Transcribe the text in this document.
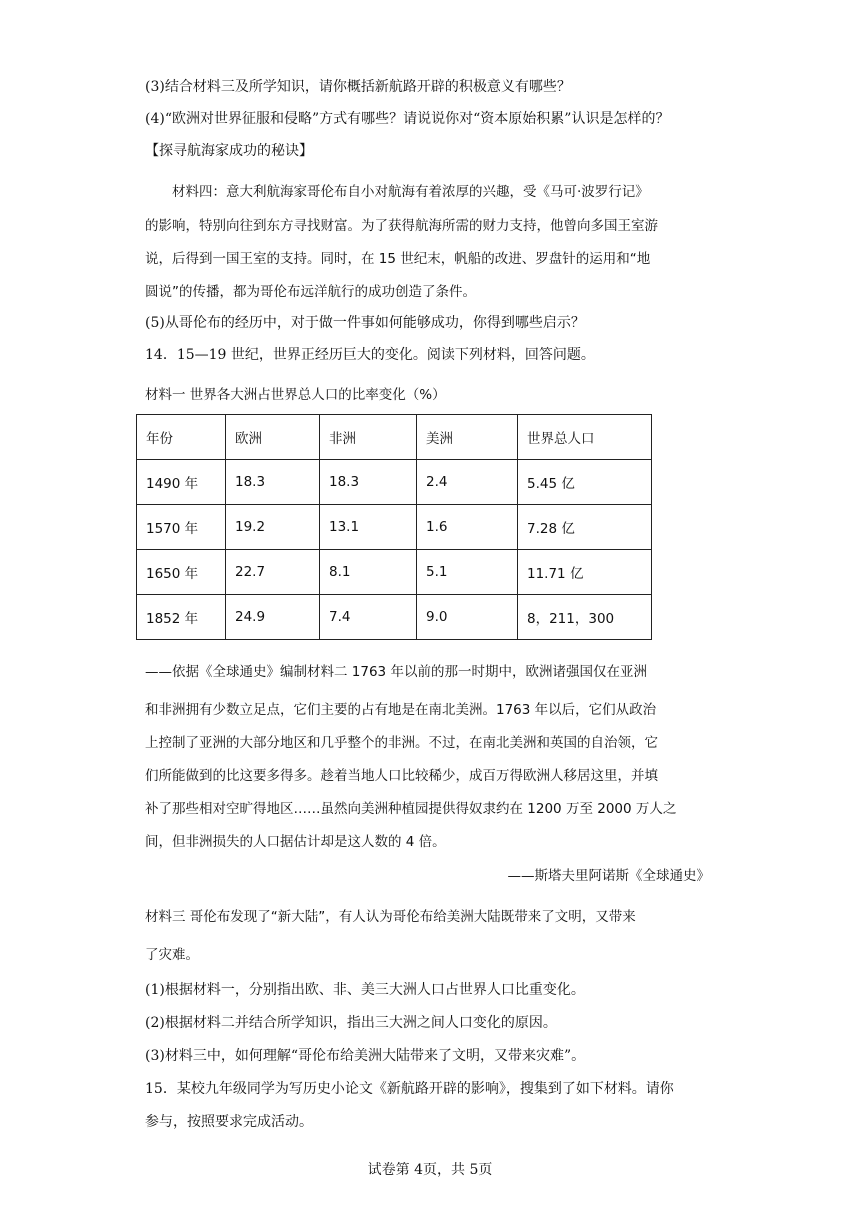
(3)结合材料三及所学知识，请你概括新航路开辟的积极意义有哪些？
(4)“欧洲对世界征服和侵略”方式有哪些？请说说你对“资本原始积累”认识是怎样的？
【探寻航海家成功的秘诀】
材料四：意大利航海家哥伦布自小对航海有着浓厚的兴趣，受《马可·波罗行记》
的影响，特别向往到东方寻找财富。为了获得航海所需的财力支持，他曾向多国王室游
说，后得到一国王室的支持。同时，在 15 世纪末，帆船的改进、罗盘针的运用和“地
圆说”的传播，都为哥伦布远洋航行的成功创造了条件。
(5)从哥伦布的经历中，对于做一件事如何能够成功，你得到哪些启示？
14．15—19 世纪，世界正经历巨大的变化。阅读下列材料，回答问题。
材料一 世界各大洲占世界总人口的比率变化（%）
年份	欧洲	非洲	美洲	世界总人口
1490 年	18.3	18.3	2.4	5.45 亿
1570 年	19.2	13.1	1.6	7.28 亿
1650 年	22.7	8.1	5.1	11.71 亿
1852 年	24.9	7.4	9.0	8，211，300
——依据《全球通史》编制材料二 1763 年以前的那一时期中，欧洲诸强国仅在亚洲
和非洲拥有少数立足点，它们主要的占有地是在南北美洲。1763 年以后，它们从政治
上控制了亚洲的大部分地区和几乎整个的非洲。不过，在南北美洲和英国的自治领，它
们所能做到的比这要多得多。趁着当地人口比较稀少，成百万得欧洲人移居这里，并填
补了那些相对空旷得地区……虽然向美洲种植园提供得奴隶约在 1200 万至 2000 万人之
间，但非洲损失的人口据估计却是这人数的 4 倍。
——斯塔夫里阿诺斯《全球通史》
材料三 哥伦布发现了“新大陆”，有人认为哥伦布给美洲大陆既带来了文明，又带来
了灾难。
(1)根据材料一，分别指出欧、非、美三大洲人口占世界人口比重变化。
(2)根据材料二并结合所学知识，指出三大洲之间人口变化的原因。
(3)材料三中，如何理解“哥伦布给美洲大陆带来了文明，又带来灾难”。
15．某校九年级同学为写历史小论文《新航路开辟的影响》，搜集到了如下材料。请你
参与，按照要求完成活动。
试卷第 4页，共 5页
